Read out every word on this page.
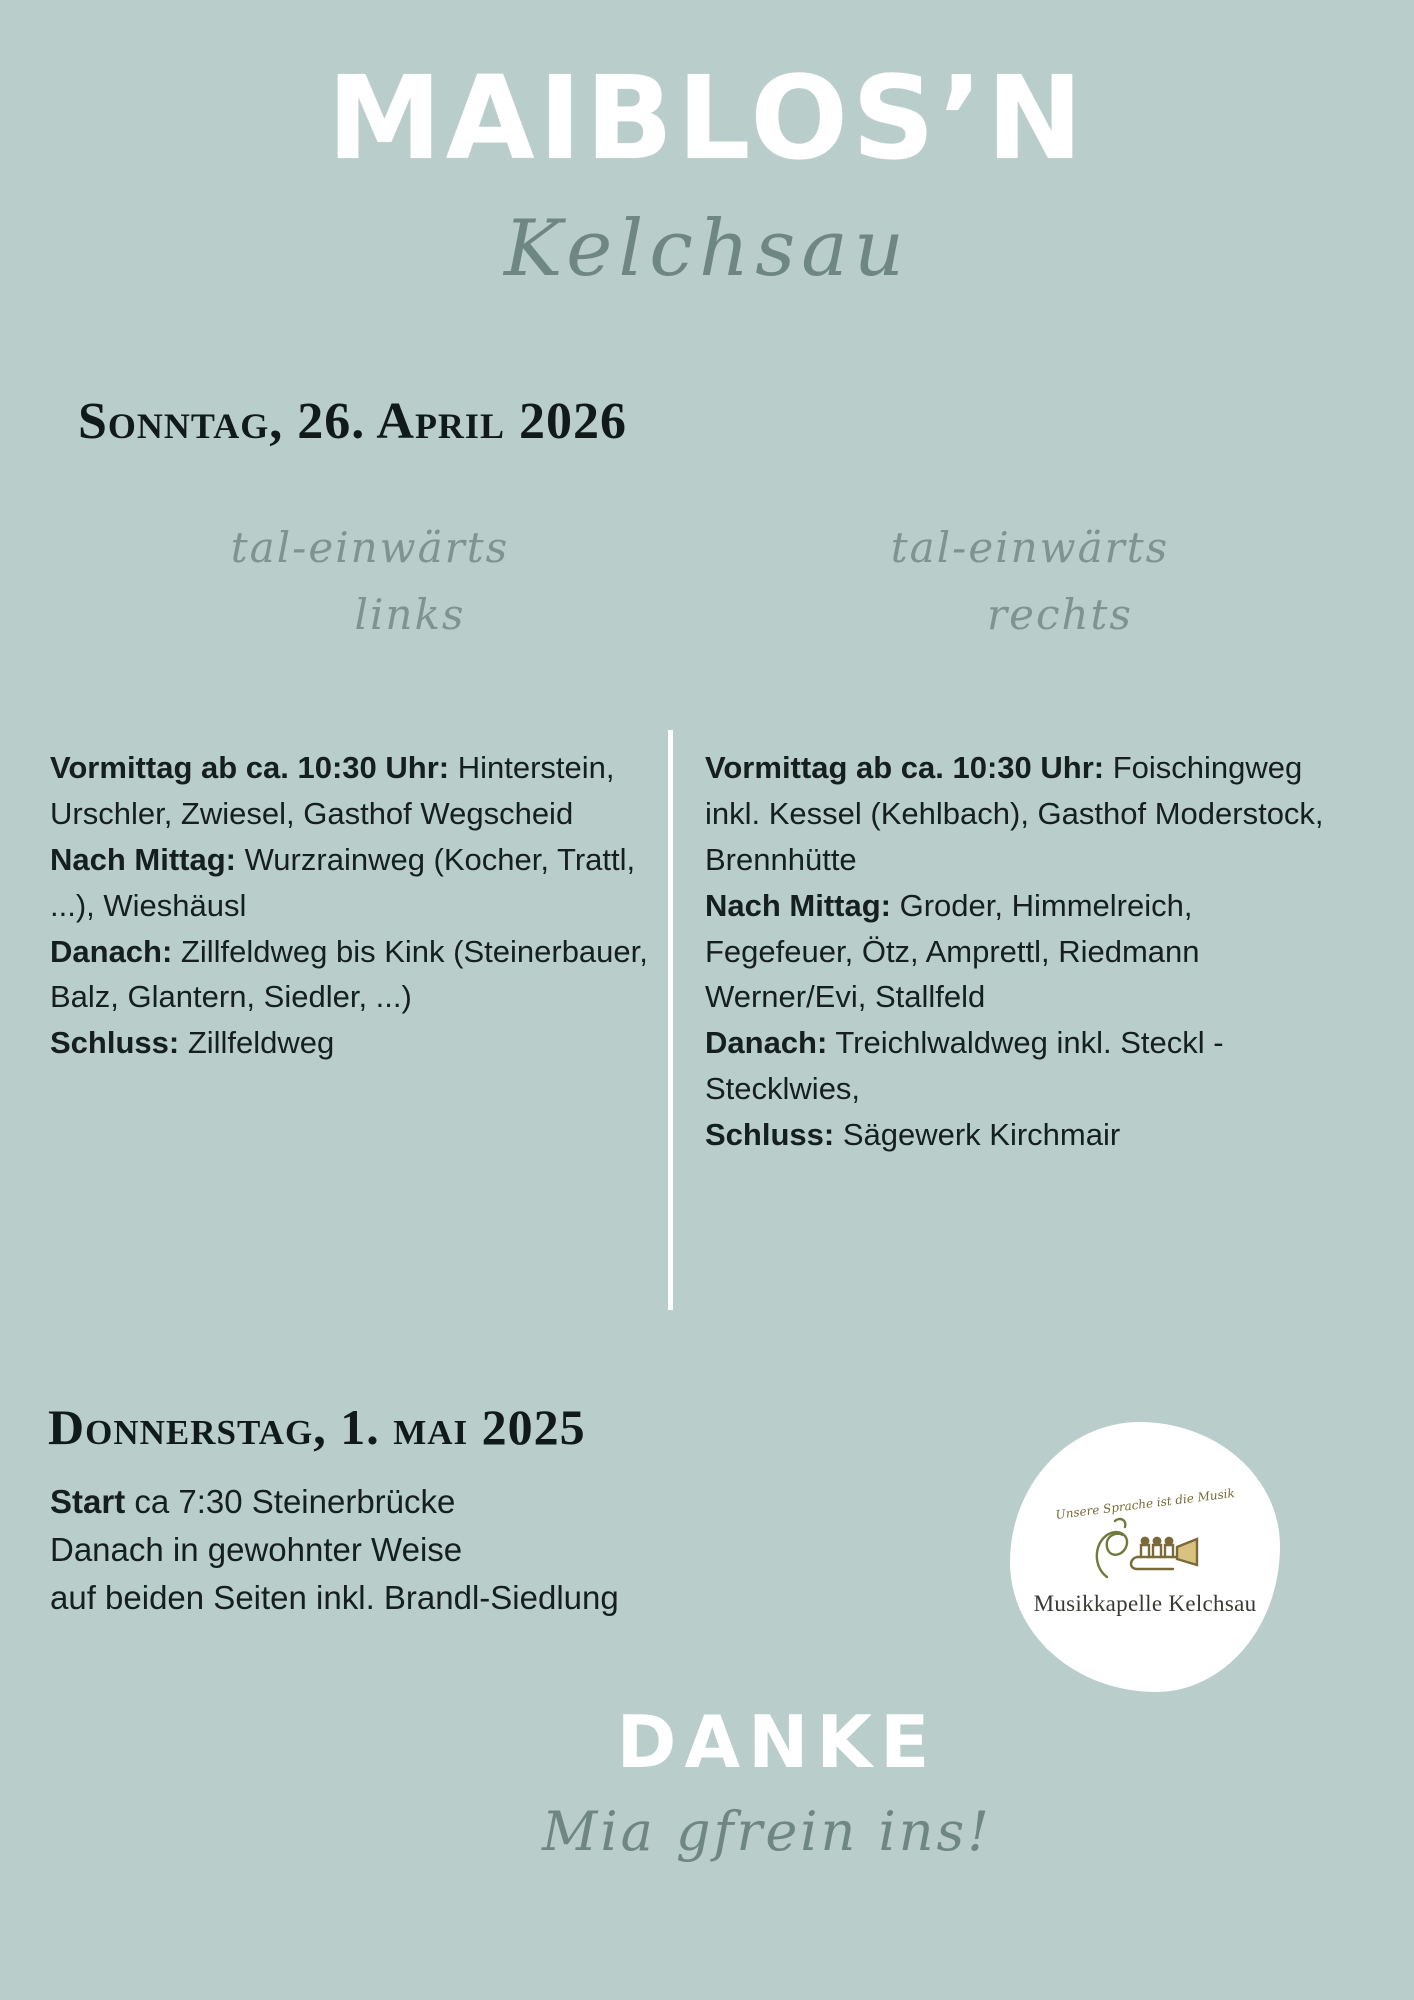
MAIBLOS’N
Kelchsau
Sonntag, 26. April 2026
tal-einwärts
links
tal-einwärts
rechts

Vormittag ab ca. 10:30 Uhr: Hinterstein, Urschler, Zwiesel, Gasthof Wegscheid

Nach Mittag: Wurzrainweg (Kocher, Trattl, ...), Wieshäusl

Danach: Zillfeldweg bis Kink (Steinerbauer, Balz, Glantern, Siedler, ...)

Schluss: Zillfeldweg

Vormittag ab ca. 10:30 Uhr: Foischingweg inkl. Kessel (Kehlbach), Gasthof Moderstock, Brennhütte

Nach Mittag: Groder, Himmelreich, Fegefeuer, Ötz, Amprettl, Riedmann Werner/Evi, Stallfeld

Danach: Treichlwaldweg inkl. Steckl - Stecklwies,

Schluss: Sägewerk Kirchmair

Donnerstag, 1. mai 2025

Start ca 7:30 Steinerbrücke

Danach in gewohnter Weise

auf beiden Seiten inkl. Brandl-Siedlung

Unsere Sprache ist die Musik
Musikkapelle Kelchsau
DANKE
Mia gfrein ins!
